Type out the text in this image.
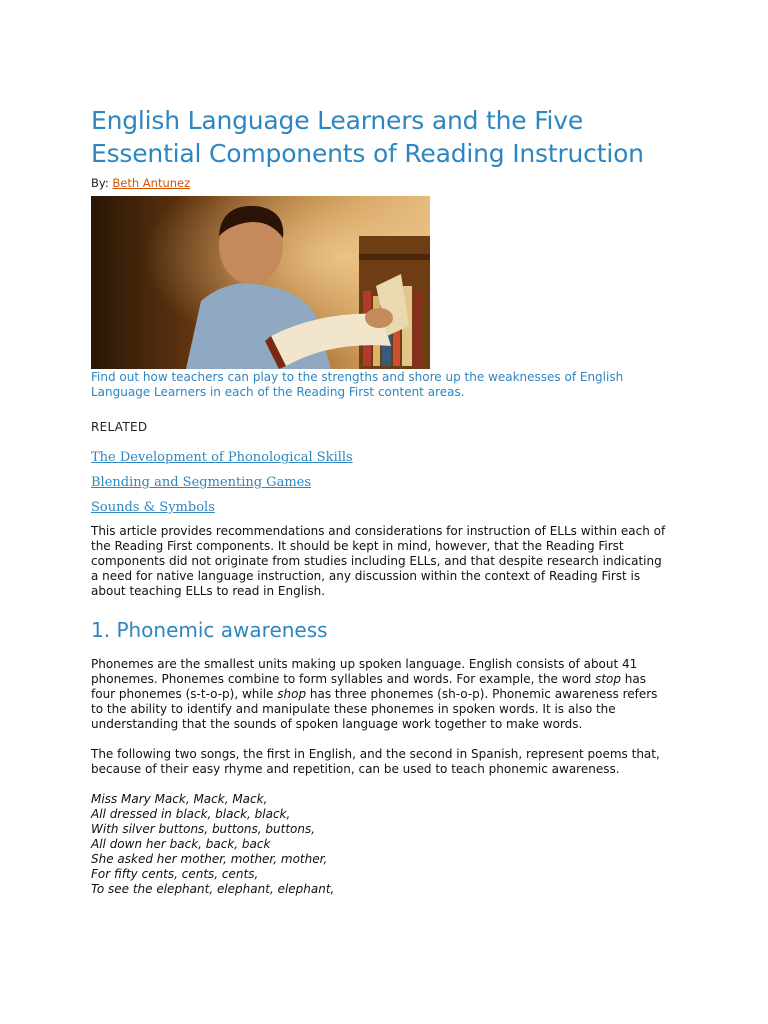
English Language Learners and the Five Essential Components of Reading Instruction
By: Beth Antunez
Find out how teachers can play to the strengths and shore up the weaknesses of English Language Learners in each of the Reading First content areas.
RELATED
The Development of Phonological Skills
Blending and Segmenting Games
Sounds & Symbols

This article provides recommendations and considerations for instruction of ELLs within each of the Reading First components. It should be kept in mind, however, that the Reading First components did not originate from studies including ELLs, and that despite research indicating a need for native language instruction, any discussion within the context of Reading First is about teaching ELLs to read in English.

1. Phonemic awareness

Phonemes are the smallest units making up spoken language. English consists of about 41 phonemes. Phonemes combine to form syllables and words. For example, the word stop has four phonemes (s-t-o-p), while shop has three phonemes (sh-o-p). Phonemic awareness refers to the ability to identify and manipulate these phonemes in spoken words. It is also the understanding that the sounds of spoken language work together to make words.

The following two songs, the first in English, and the second in Spanish, represent poems that, because of their easy rhyme and repetition, can be used to teach phonemic awareness.

Miss Mary Mack, Mack, Mack,
All dressed in black, black, black,
With silver buttons, buttons, buttons,
All down her back, back, back
She asked her mother, mother, mother,
For fifty cents, cents, cents,
To see the elephant, elephant, elephant,
